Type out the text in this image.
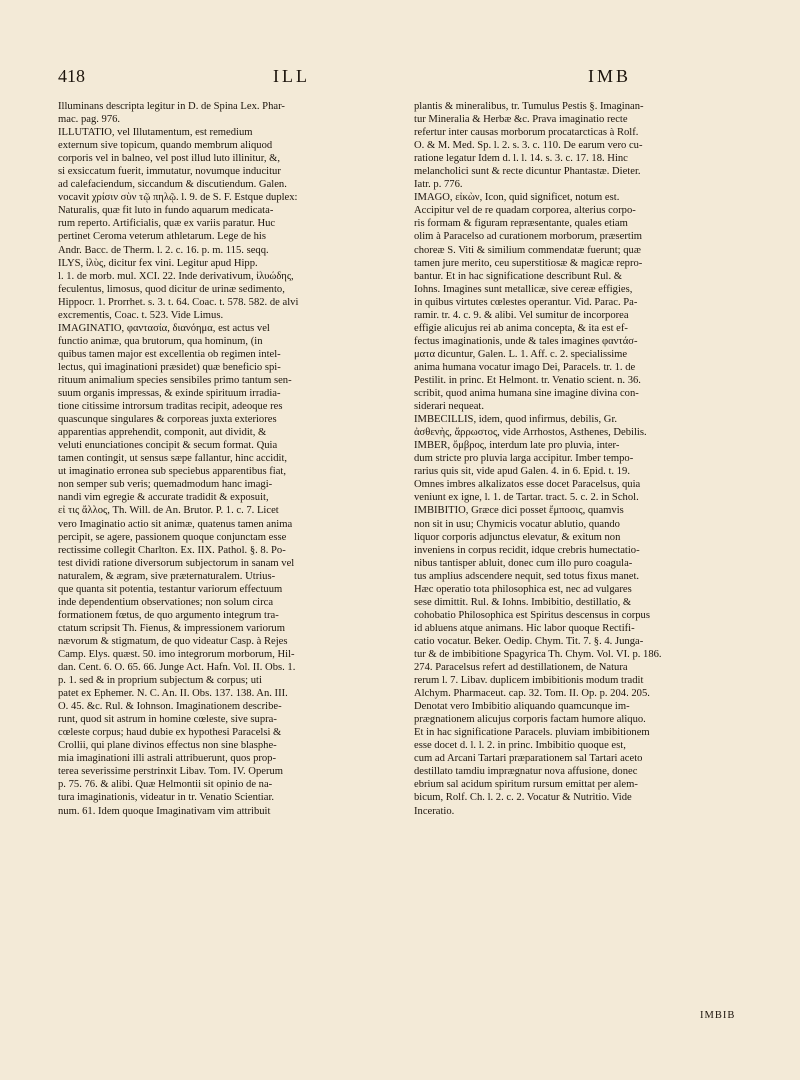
418	ILL	IMB
Illuminans descripta legitur in D. de Spina Lex. Phar-
mac. pag. 976.
ILLUTATIO, vel Illutamentum, est remedium
externum sive topicum, quando membrum aliquod
corporis vel in balneo, vel post illud luto illinitur, &,
si exsiccatum fuerit, immutatur, novumque inducitur
ad calefaciendum, siccandum & discutiendum. Galen.
vocavit χρίσιν σὺν τῷ πηλῷ. l. 9. de S. F. Estque duplex:
Naturalis, quæ fit luto in fundo aquarum medicata-
rum reperto. Artificialis, quæ ex variis paratur. Huc
pertinet Ceroma veterum athletarum. Lege de his
Andr. Bacc. de Therm. l. 2. c. 16. p. m. 115. seqq.
ILYS, ἰλὺς, dicitur fex vini. Legitur apud Hipp.
l. 1. de morb. mul. XCI. 22. Inde derivativum, ἰλυώδης,
feculentus, limosus, quod dicitur de urinæ sedimento,
Hippocr. 1. Prorrhet. s. 3. t. 64. Coac. t. 578. 582. de alvi
excrementis, Coac. t. 523. Vide Limus.
IMAGINATIO, φαντασία, διανόημα, est actus vel
functio animæ, qua brutorum, qua hominum, (in
quibus tamen major est excellentia ob regimen intel-
lectus, qui imaginationi præsidet) quæ beneficio spi-
rituum animalium species sensibiles primo tantum sen-
suum organis impressas, & exinde spirituum irradia-
tione citissime introrsum traditas recipit, adeoque res
quascunque singulares & corporeas juxta exteriores
apparentias apprehendit, componit, aut dividit, &
veluti enunciationes concipit & secum format. Quia
tamen contingit, ut sensus sæpe fallantur, hinc accidit,
ut imaginatio erronea sub speciebus apparentibus fiat,
non semper sub veris; quemadmodum hanc imagi-
nandi vim egregie & accurate tradidit & exposuit,
εἰ τις ἄλλος, Th. Will. de An. Brutor. P. 1. c. 7. Licet
vero Imaginatio actio sit animæ, quatenus tamen anima
percipit, se agere, passionem quoque conjunctam esse
rectissime collegit Charlton. Ex. IIX. Pathol. §. 8. Po-
test dividi ratione diversorum subjectorum in sanam vel
naturalem, & ægram, sive præternaturalem. Utrius-
que quanta sit potentia, testantur variorum effectuum
inde dependentium observationes; non solum circa
formationem fœtus, de quo argumento integrum tra-
ctatum scripsit Th. Fienus, & impressionem variorum
nævorum & stigmatum, de quo videatur Casp. à Rejes
Camp. Elys. quæst. 50. imo integrorum morborum, Hil-
dan. Cent. 6. O. 65. 66. Junge Act. Hafn. Vol. II. Obs. 1.
p. 1. sed & in proprium subjectum & corpus; uti
patet ex Ephemer. N. C. An. II. Obs. 137. 138. An. III.
O. 45. &c. Rul. & Iohnson. Imaginationem describe-
runt, quod sit astrum in homine cœleste, sive supra-
cœleste corpus; haud dubie ex hypothesi Paracelsi &
Crollii, qui plane divinos effectus non sine blasphe-
mia imaginationi illi astrali attribuerunt, quos prop-
terea severissime perstrinxit Libav. Tom. IV. Operum
p. 75. 76. & alibi. Quæ Helmontii sit opinio de na-
tura imaginationis, videatur in tr. Venatio Scientiar.
num. 61. Idem quoque Imaginativam vim attribuit
plantis & mineralibus, tr. Tumulus Pestis §. Imaginan-
tur Mineralia & Herbæ &c. Prava imaginatio recte
refertur inter causas morborum procatarcticas à Rolf.
O. & M. Med. Sp. l. 2. s. 3. c. 110. De earum vero cu-
ratione legatur Idem d. l. l. 14. s. 3. c. 17. 18. Hinc
melancholici sunt & recte dicuntur Phantastæ. Dieter.
Iatr. p. 776.
IMAGO, εἰκὼν, Icon, quid significet, notum est.
Accipitur vel de re quadam corporea, alterius corpo-
ris formam & figuram repræsentante, quales etiam
olim à Paracelso ad curationem morborum, præsertim
choreæ S. Viti & similium commendatæ fuerunt; quæ
tamen jure merito, ceu superstitiosæ & magicæ repro-
bantur. Et in hac significatione describunt Rul. &
Iohns. Imagines sunt metallicæ, sive cereæ effigies,
in quibus virtutes cœlestes operantur. Vid. Parac. Pa-
ramir. tr. 4. c. 9. & alibi. Vel sumitur de incorporea
effigie alicujus rei ab anima concepta, & ita est ef-
fectus imaginationis, unde & tales imagines φαντάσ-
ματα dicuntur, Galen. L. 1. Aff. c. 2. specialissime
anima humana vocatur imago Dei, Paracels. tr. 1. de
Pestilit. in princ. Et Helmont. tr. Venatio scient. n. 36.
scribit, quod anima humana sine imagine divina con-
siderari nequeat.
IMBECILLIS, idem, quod infirmus, debilis, Gr.
ἀσθενὴς, ἄρρωστος, vide Arrhostos, Asthenes, Debilis.
IMBER, ὄμβρος, interdum late pro pluvia, inter-
dum stricte pro pluvia larga accipitur. Imber tempo-
rarius quis sit, vide apud Galen. 4. in 6. Epid. t. 19.
Omnes imbres alkalizatos esse docet Paracelsus, quia
veniunt ex igne, l. 1. de Tartar. tract. 5. c. 2. in Schol.
IMBIBITIO, Græce dici posset ἔμποσις, quamvis
non sit in usu; Chymicis vocatur ablutio, quando
liquor corporis adjunctus elevatur, & exitum non
inveniens in corpus recidit, idque crebris humectatio-
nibus tantisper abluit, donec cum illo puro coagula-
tus amplius adscendere nequit, sed totus fixus manet.
Hæc operatio tota philosophica est, nec ad vulgares
sese dimittit. Rul. & Iohns. Imbibitio, destillatio, &
cohobatio Philosophica est Spiritus descensus in corpus
id abluens atque animans. Hic labor quoque Rectifi-
catio vocatur. Beker. Oedip. Chym. Tit. 7. §. 4. Junga-
tur & de imbibitione Spagyrica Th. Chym. Vol. VI. p. 186.
274. Paracelsus refert ad destillationem, de Natura
rerum l. 7. Libav. duplicem imbibitionis modum tradit
Alchym. Pharmaceut. cap. 32. Tom. II. Op. p. 204. 205.
Denotat vero Imbibitio aliquando quamcunque im-
prægnationem alicujus corporis factam humore aliquo.
Et in hac significatione Paracels. pluviam imbibitionem
esse docet d. l. l. 2. in princ. Imbibitio quoque est,
cum ad Arcani Tartari præparationem sal Tartari aceto
destillato tamdiu imprægnatur nova affusione, donec
ebrium sal acidum spiritum rursum emittat per alem-
bicum, Rolf. Ch. l. 2. c. 2. Vocatur & Nutritio. Vide
Inceratio.
IMBIB
